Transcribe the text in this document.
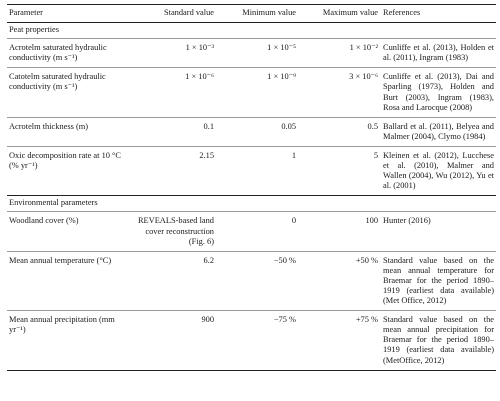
Parameter	Standard value	Minimum value	Maximum value	References
Peat properties				
Acrotelm saturated hydraulic conductivity (m s⁻¹)	1 × 10⁻³	1 × 10⁻⁵	1 × 10⁻²	Cunliffe et al. (2013), Holden et al. (2011), Ingram (1983)
Catotelm saturated hydraulic conductivity (m s⁻¹)	1 × 10⁻⁶	1 × 10⁻⁹	3 × 10⁻⁶	Cunliffe et al. (2013), Dai and Sparling (1973), Holden and Burt (2003), Ingram (1983), Rosa and Larocque (2008)
Acrotelm thickness (m)	0.1	0.05	0.5	Ballard et al. (2011), Belyea and Malmer (2004), Clymo (1984)
Oxic decomposition rate at 10 °C (% yr⁻¹)	2.15	1	5	Kleinen et al. (2012), Lucchese et al. (2010), Malmer and Wallen (2004), Wu (2012), Yu et al. (2001)
Environmental parameters				
Woodland cover (%)	REVEALS-based land cover reconstruction (Fig. 6)	0	100	Hunter (2016)
Mean annual temperature (°C)	6.2	−50 %	+50 %	Standard value based on the mean annual temperature for Braemar for the period 1890–1919 (earliest data available) (Met Office, 2012)
Mean annual precipitation (mm yr⁻¹)	900	−75 %	+75 %	Standard value based on the mean annual precipitation for Braemar for the period 1890–1919 (earliest data available) (MetOffice, 2012)
